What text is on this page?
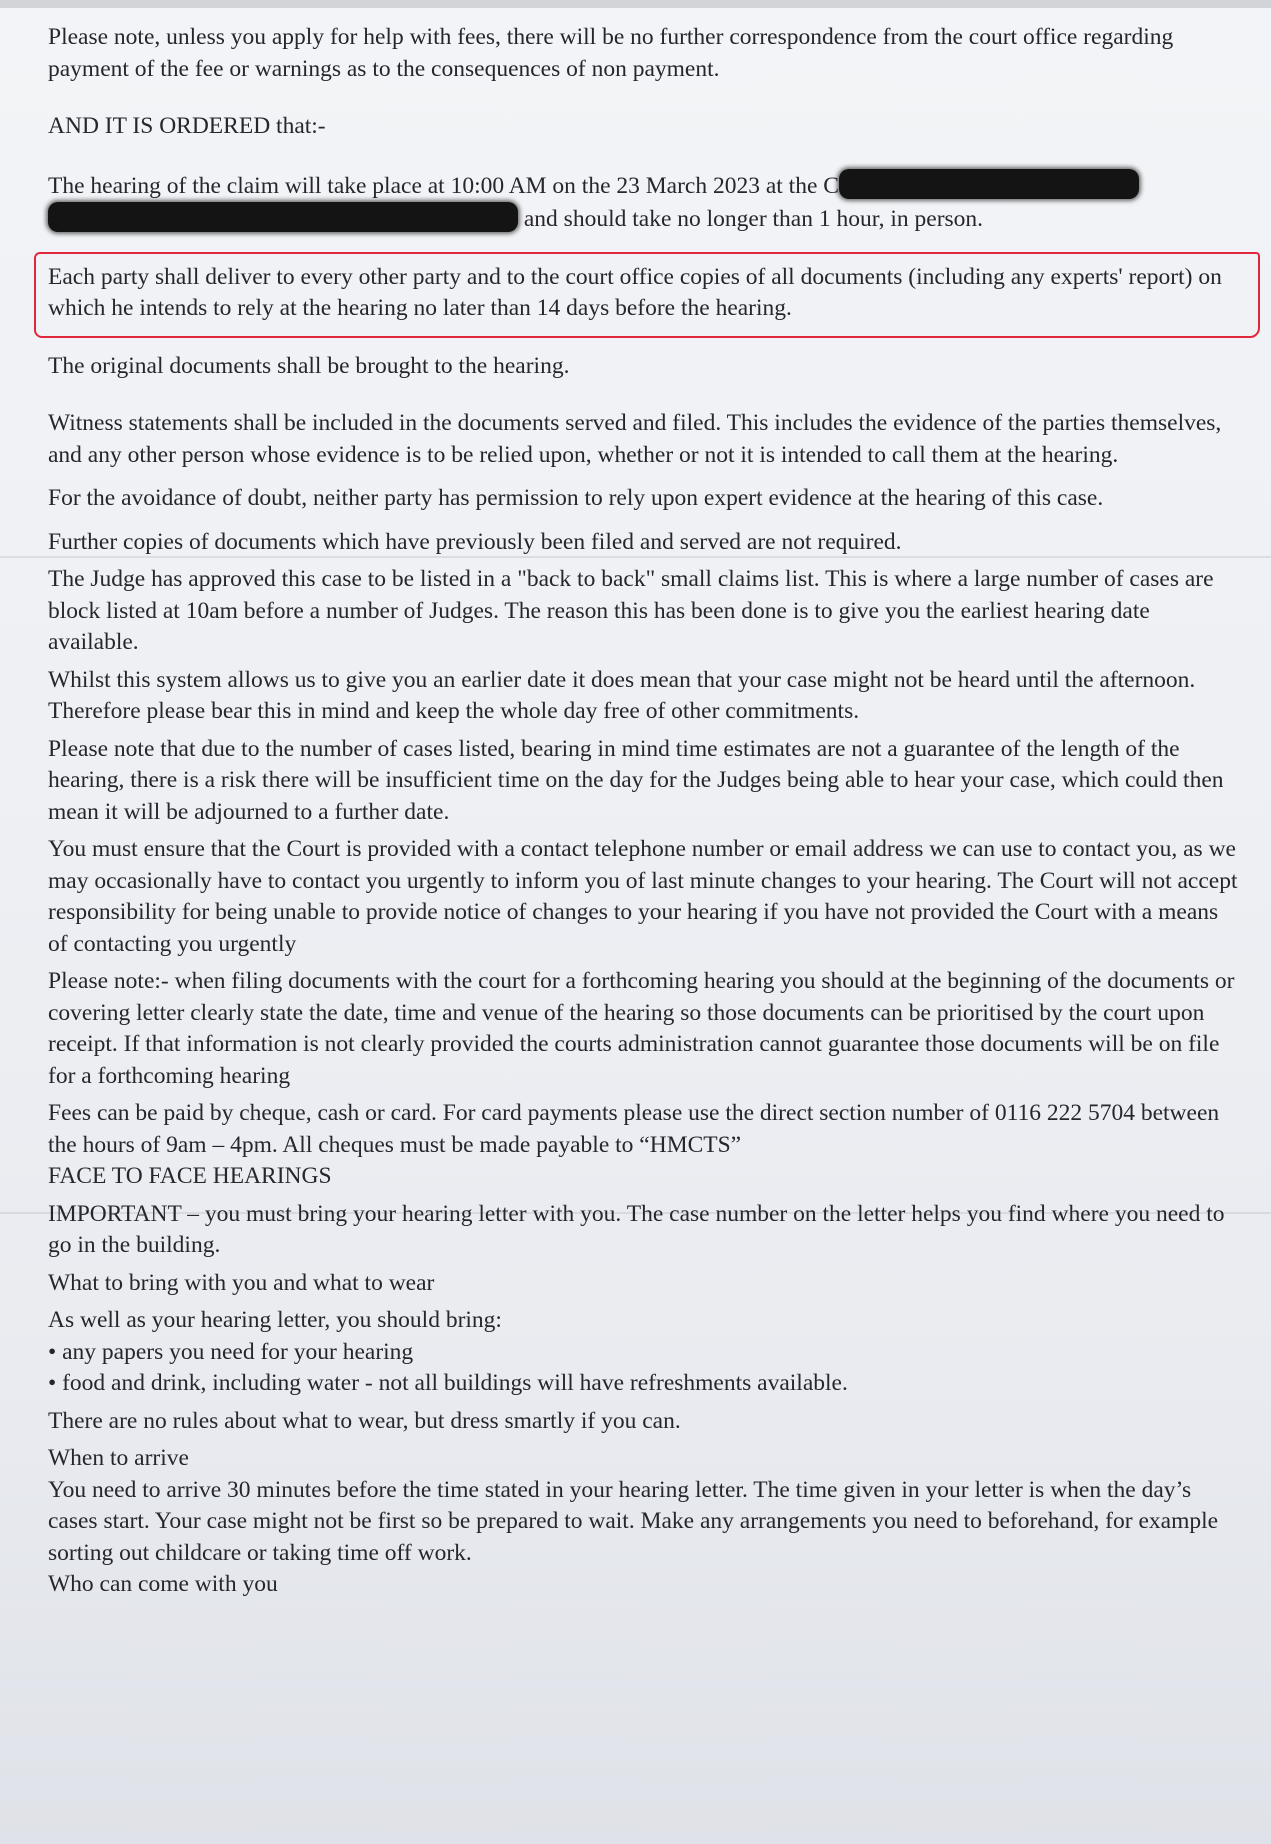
Please note, unless you apply for help with fees, there will be no further correspondence from the court office regarding payment of the fee or warnings as to the consequences of non payment.

AND IT IS ORDERED that:-

The hearing of the claim will take place at 10:00 AM on the 23 March 2023 at the C  and should take no longer than 1 hour, in person.

Each party shall deliver to every other party and to the court office copies of all documents (including any experts' report) on which he intends to rely at the hearing no later than 14 days before the hearing.

The original documents shall be brought to the hearing.

Witness statements shall be included in the documents served and filed. This includes the evidence of the parties themselves, and any other person whose evidence is to be relied upon, whether or not it is intended to call them at the hearing.

For the avoidance of doubt, neither party has permission to rely upon expert evidence at the hearing of this case.

Further copies of documents which have previously been filed and served are not required.

The Judge has approved this case to be listed in a "back to back" small claims list. This is where a large number of cases are block listed at 10am before a number of Judges. The reason this has been done is to give you the earliest hearing date available.

Whilst this system allows us to give you an earlier date it does mean that your case might not be heard until the afternoon. Therefore please bear this in mind and keep the whole day free of other commitments.

Please note that due to the number of cases listed, bearing in mind time estimates are not a guarantee of the length of the hearing, there is a risk there will be insufficient time on the day for the Judges being able to hear your case, which could then mean it will be adjourned to a further date.

You must ensure that the Court is provided with a contact telephone number or email address we can use to contact you, as we may occasionally have to contact you urgently to inform you of last minute changes to your hearing. The Court will not accept responsibility for being unable to provide notice of changes to your hearing if you have not provided the Court with a means of contacting you urgently

Please note:- when filing documents with the court for a forthcoming hearing you should at the beginning of the documents or covering letter clearly state the date, time and venue of the hearing so those documents can be prioritised by the court upon receipt. If that information is not clearly provided the courts administration cannot guarantee those documents will be on file for a forthcoming hearing

Fees can be paid by cheque, cash or card. For card payments please use the direct section number of 0116 222 5704 between the hours of 9am – 4pm. All cheques must be made payable to “HMCTS”

FACE TO FACE HEARINGS

IMPORTANT – you must bring your hearing letter with you. The case number on the letter helps you find where you need to go in the building.

What to bring with you and what to wear

As well as your hearing letter, you should bring:

• any papers you need for your hearing

• food and drink, including water - not all buildings will have refreshments available.

There are no rules about what to wear, but dress smartly if you can.

When to arrive

You need to arrive 30 minutes before the time stated in your hearing letter. The time given in your letter is when the day’s cases start. Your case might not be first so be prepared to wait. Make any arrangements you need to beforehand, for example sorting out childcare or taking time off work.

Who can come with you
